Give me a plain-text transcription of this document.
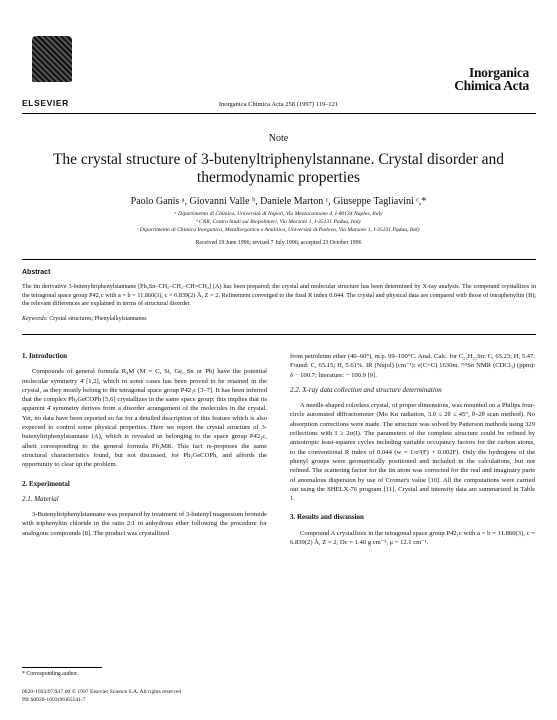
ELSEVIER	Inorganica Chimica Acta 258 (1997) 119–121
Inorganica
Chimica Acta
Note
The crystal structure of 3-butenyltriphenylstannane. Crystal disorder and thermodynamic properties
Paolo Ganis ᵃ, Giovanni Valle ᵇ, Daniele Marton ᶜ, Giuseppe Tagliavini ᶜ,*
ᵃ Dipartimento di Chimica, Università di Napoli, Via Mezzocannone 4, I-80134 Naples, Italy
ᵇ CNR, Centro Studi sui Biopolimeri, Via Marzolo 1, I-35131 Padua, Italy
ᶜ Dipartimento di Chimica Inorganica, Metallorganica e Analitica, Università di Padova, Via Marzolo 1, I-35131 Padua, Italy
Received 19 June 1996; revised 7 July 1996; accepted 23 October 1996
Abstract
The tin derivative 3-butenyltriphenylstannane [Ph₃Sn–CH₂–CH₂–CH=CH₂] (A) has been prepared; the crystal and molecular structure has been determined by X-ray analysis. The compound crystallizes in the tetragonal space group P4̄2₁c with a = b = 11.860(3), c = 6.839(2) Å, Z = 2. Refinement converged to the final R index 0.044. The crystal and physical data are compared with those of tetraphenyltin (B); the relevant differences are explained in terms of structural disorder.
Keywords: Crystal structures; Phenylalkylstannanes
1. Introduction
Compounds of general formula R₄M (M = C, Si, Ge, Sn or Pb) have the potential molecular symmetry 4̄ [1,2], which in some cases has been proved to be retained in the crystal, as they mostly belong to the tetragonal space group P4̄2₁c [3–7]. It has been inferred that the complex Ph₃GeCOPh [5,6] crystallizes in the same space group; this implies that its apparent 4̄ symmetry derives from a disorder arrangement of the molecules in the crystal. Yet, no data have been reported so far for a detailed description of this feature which is also expected to control some physical properties. Here we report the crystal structure of 3-butenyltriphenylstannane (A), which is revealed as belonging to the space group P4̄2₁c, albeit corresponding to the general formula Ph₃MR. This fact re-proposes the same structural characteristics found, but not discussed, for Ph₃GeCOPh, and affords the opportunity to clear up the problem.
2. Experimental
2.1. Material
3-Butenyltriphenylstannane was prepared by treatment of 3-butenyl magnesium bromide with triphenyltin chloride in the ratio 2:1 in anhydrous ether following the procedure for analogous compounds [8]. The product was crystallized
from petroleum ether (40–60°), m.p. 99–100°C. Anal. Calc. for C₂₂H₂₂Sn: C, 65.23; H, 5.47. Found: C, 65.15; H, 5.61%. IR (Nujol) (cm⁻¹): ν(C=C) 1630m. ¹¹⁹Sn NMR (CDCl₃) (ppm): δ − 100.7; literature: − 100.9 [9].
2.2. X-ray data collection and structure determination
A needle-shaped colorless crystal, of proper dimensions, was mounted on a Philips four-circle automated diffractometer (Mo Kα radiation, 3.0 ≤ 2θ ≤ 45°, θ–2θ scan method). No absorption corrections were made. The structure was solved by Patterson methods using 329 reflections with I ≥ 2σ(I). The parameters of the complete structure could be refined by anisotropic least-squares cycles including variable occupancy factors for the carbon atoms, to the conventional R index of 0.044 (w = 1/σ²(F) + 0.002F). Only the hydrogens of the phenyl groups were geometrically positioned and included in the calculations, but not refined. The scattering factor for the tin atom was corrected for the real and imaginary parts of anomalous dispersion by use of Cromer's value [10]. All the computations were carried out using the SHELX-76 program [11]. Crystal and intensity data are summarized in Table 1.
3. Results and discussion
Compound A crystallizes in the tetragonal space group P4̄2₁c with a = b = 11.860(3), c = 6.839(2) Å, Z = 2, Dc = 1.40 g cm⁻³, μ = 12.1 cm⁻¹.
* Corresponding author.
0020-1693/97/$17.00 © 1997 Elsevier Science S.A. All rights reserved
PII S0020-1693(96)05541-7
